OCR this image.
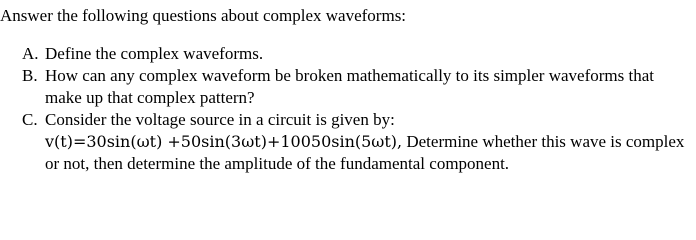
Answer the following questions about complex waveforms:

A. Define the complex waveforms.
B. How can any complex waveform be broken mathematically to its simpler waveforms that make up that complex pattern?
C. Consider the voltage source in a circuit is given by:
v(t)=30sin(ωt) +50sin(3ωt)+10050sin(5ωt), Determine whether this wave is complex or not, then determine the amplitude of the fundamental component.
